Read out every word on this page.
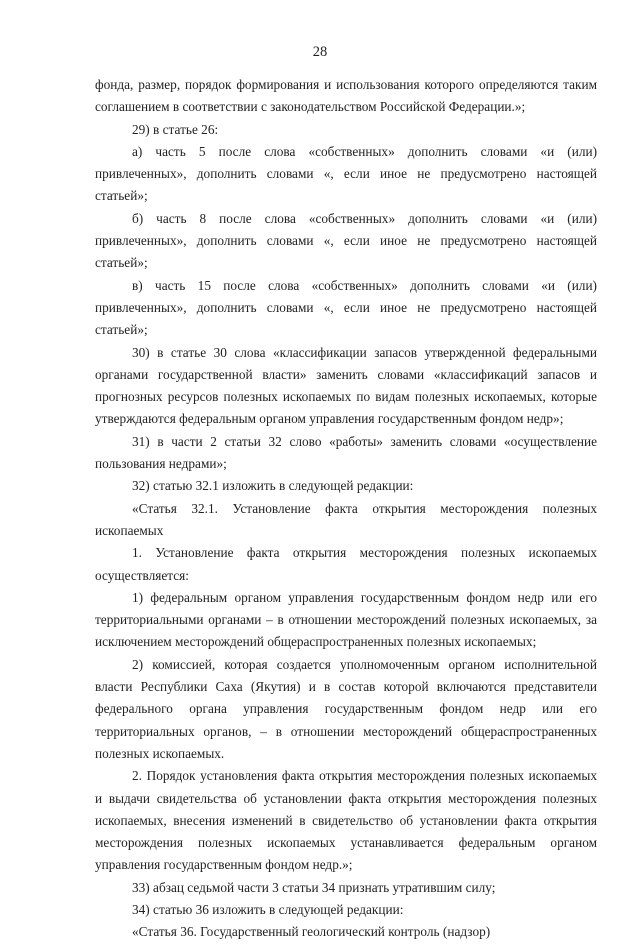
28

фонда, размер, порядок формирования и использования которого определяются таким соглашением в соответствии с законодательством Российской Федерации.»;

29) в статье 26:

а) часть 5 после слова «собственных» дополнить словами «и (или) привлеченных», дополнить словами «, если иное не предусмотрено настоящей статьей»;

б) часть 8 после слова «собственных» дополнить словами «и (или) привлеченных», дополнить словами «, если иное не предусмотрено настоящей статьей»;

в) часть 15 после слова «собственных» дополнить словами «и (или) привлеченных», дополнить словами «, если иное не предусмотрено настоящей статьей»;

30) в статье 30 слова «классификации запасов утвержденной федеральными органами государственной власти» заменить словами «классификаций запасов и прогнозных ресурсов полезных ископаемых по видам полезных ископаемых, которые утверждаются федеральным органом управления государственным фондом недр»;

31) в части 2 статьи 32 слово «работы» заменить словами «осуществление пользования недрами»;

32) статью 32.1 изложить в следующей редакции:

«Статья 32.1. Установление факта открытия месторождения полезных ископаемых

1. Установление факта открытия месторождения полезных ископаемых осуществляется:

1) федеральным органом управления государственным фондом недр или его территориальными органами – в отношении месторождений полезных ископаемых, за исключением месторождений общераспространенных полезных ископаемых;

2) комиссией, которая создается уполномоченным органом исполнительной власти Республики Саха (Якутия) и в состав которой включаются представители федерального органа управления государственным фондом недр или его территориальных органов, – в отношении месторождений общераспространенных полезных ископаемых.

2. Порядок установления факта открытия месторождения полезных ископаемых и выдачи свидетельства об установлении факта открытия месторождения полезных ископаемых, внесения изменений в свидетельство об установлении факта открытия месторождения полезных ископаемых устанавливается федеральным органом управления государственным фондом недр.»;

33) абзац седьмой части 3 статьи 34 признать утратившим силу;

34) статью 36 изложить в следующей редакции:

«Статья 36. Государственный геологический контроль (надзор)
